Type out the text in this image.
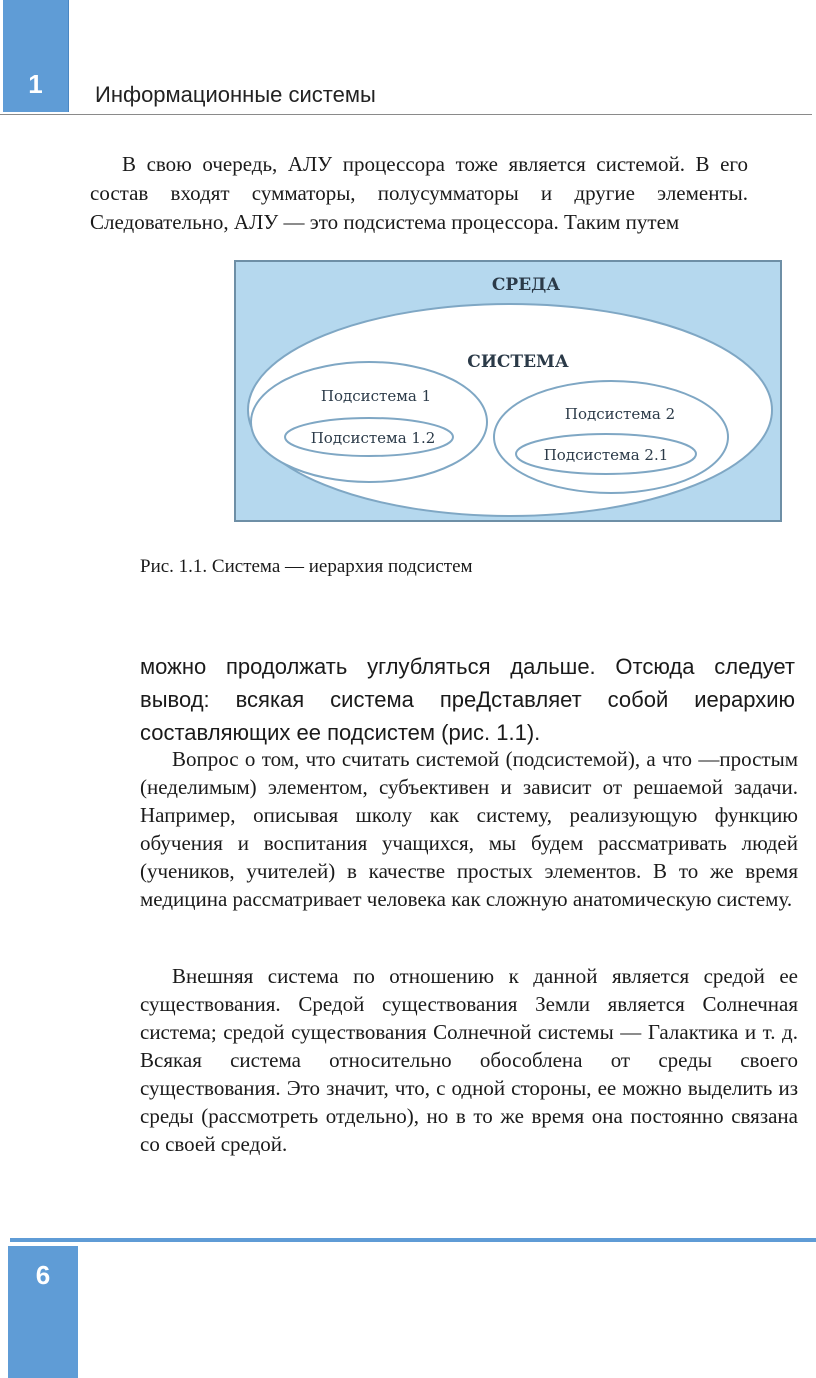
1	Информационные системы

В свою очередь, АЛУ процессора тоже является системой. В его состав входят сумматоры, полусумматоры и другие элементы. Следовательно, АЛУ — это подсистема процессора. Таким путем

СРЕДА
СИСТЕМА
Подсистема 1
Подсистема 1.2
Подсистема 2
Подсистема 2.1
Рис. 1.1. Система — иерархия подсистем

можно продолжать углубляться дальше. Отсюда следует вывод: всякая система преДставляет собой иерархию составляющих ее подсистем (рис. 1.1).

Вопрос о том, что считать системой (подсистемой), а что —простым (неделимым) элементом, субъективен и зависит от решаемой задачи. Например, описывая школу как систему, реализующую функцию обучения и воспитания учащихся, мы будем рассматривать людей (учеников, учителей) в качестве простых элементов. В то же время медицина рассматривает человека как сложную анатомическую систему.

Внешняя система по отношению к данной является средой ее существования. Средой существования Земли является Солнечная система; средой существования Солнечной системы — Галактика и т. д. Всякая система относительно обособлена от среды своего существования. Это значит, что, с одной стороны, ее можно выделить из среды (рассмотреть отдельно), но в то же время она постоянно связана со своей средой.

6
